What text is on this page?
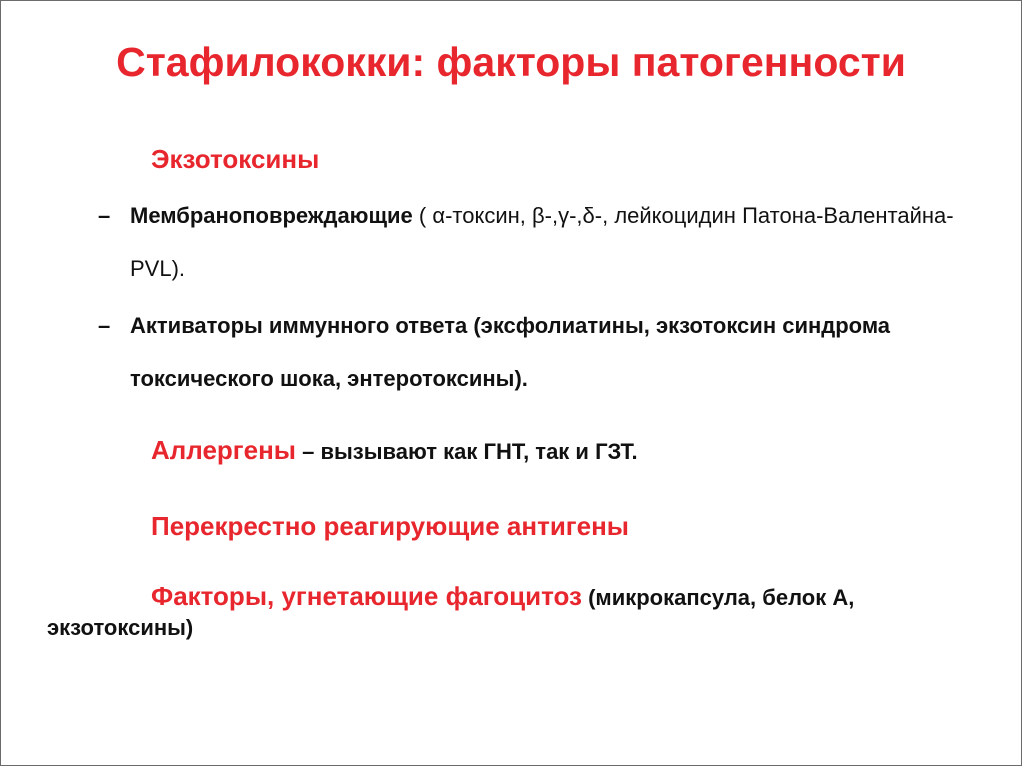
Стафилококки: факторы патогенности
Экзотоксины
– Мембраноповреждающие ( α-токсин, β-,γ-,δ-, лейкоцидин Патона-Валентайна-PVL).
– Активаторы иммунного ответа (эксфолиатины, экзотоксин синдрома токсического шока, энтеротоксины).
Аллергены – вызывают как ГНТ, так и ГЗТ.
Перекрестно реагирующие антигены
Факторы, угнетающие фагоцитоз (микрокапсула, белок А,
экзотоксины)
